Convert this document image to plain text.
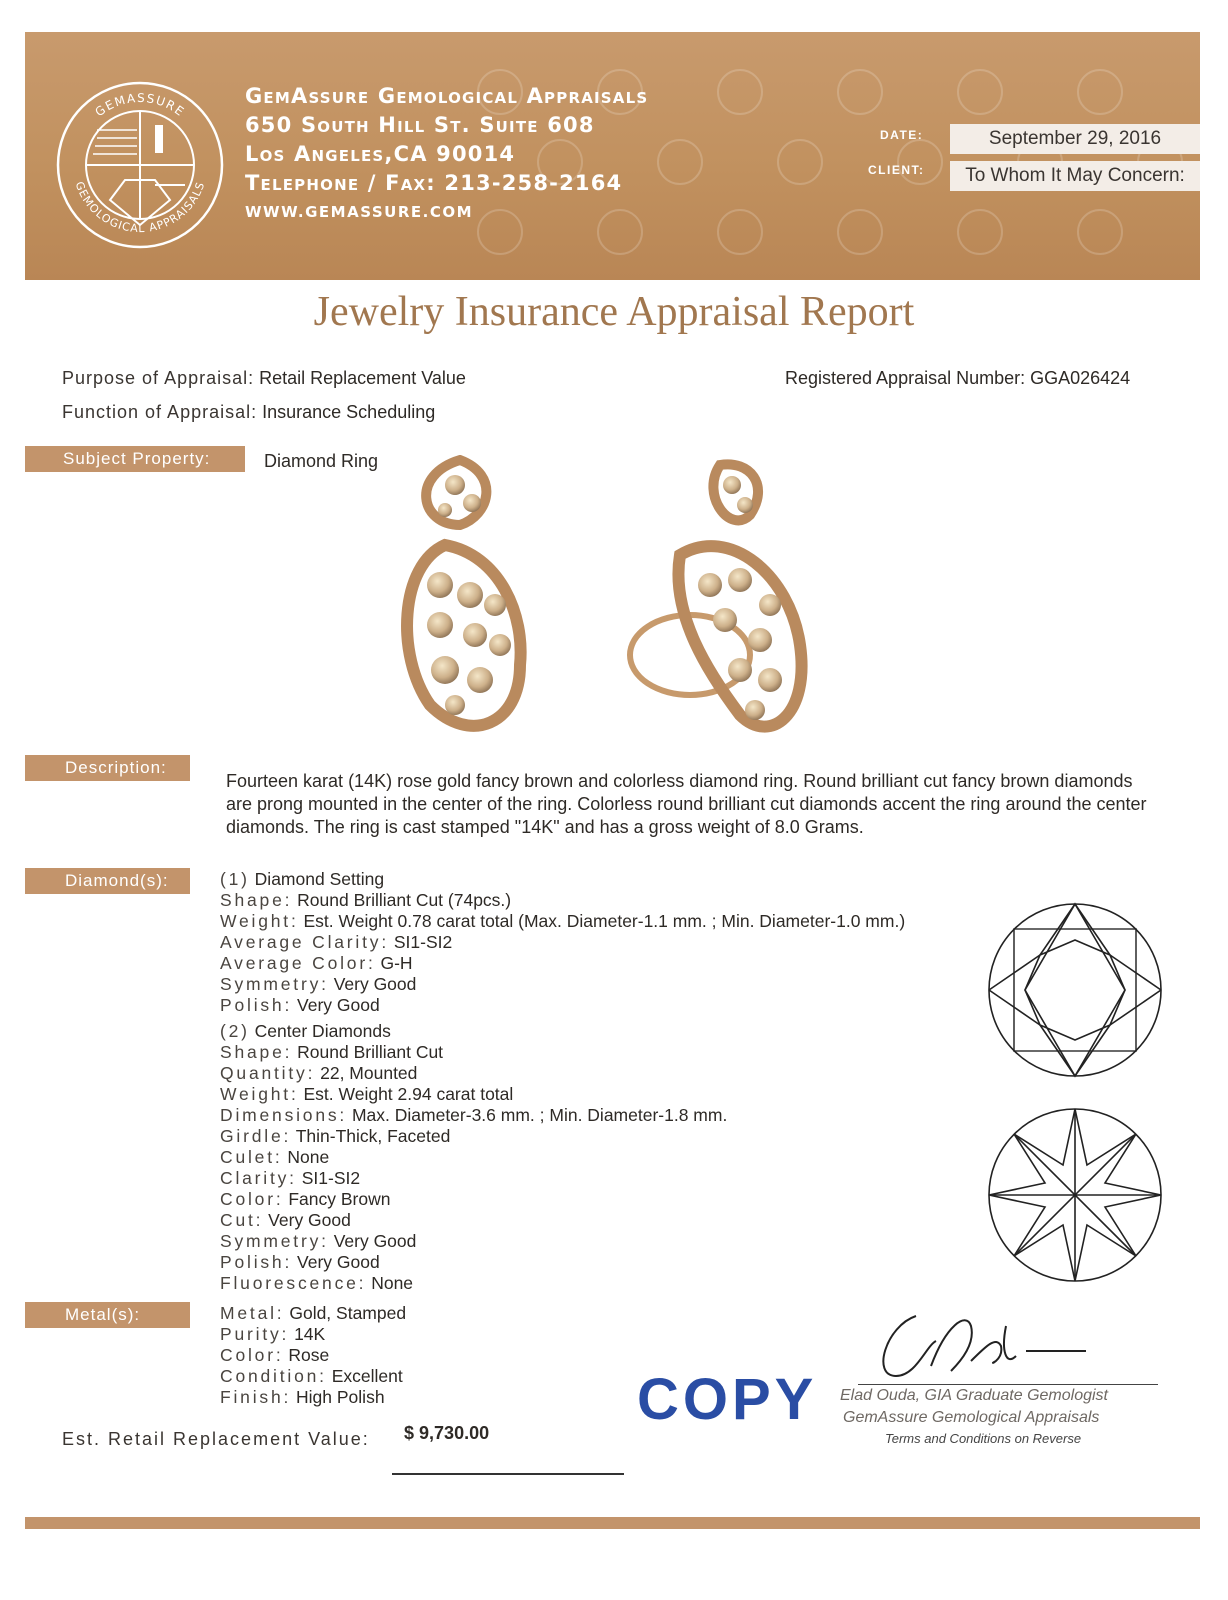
GEMASSURE
GEMOLOGICAL APPRAISALS
GemAssure Gemological Appraisals
650 South Hill St. Suite 608
Los Angeles,CA 90014
Telephone / Fax: 213-258-2164
WWW.GEMASSURE.COM
DATE:	September 29, 2016
CLIENT:	To Whom It May Concern:
Jewelry Insurance Appraisal Report
Purpose of Appraisal: Retail Replacement Value
Function of Appraisal: Insurance Scheduling
Registered Appraisal Number: GGA026424
Subject Property:	Diamond Ring
Description:
Fourteen karat (14K) rose gold fancy brown and colorless diamond ring. Round brilliant cut fancy brown diamonds are prong mounted in the center of the ring. Colorless round brilliant cut diamonds accent the ring around the center diamonds. The ring is cast stamped "14K" and has a gross weight of 8.0 Grams.
Diamond(s):	(1) Diamond Setting
Shape: Round Brilliant Cut (74pcs.)
Weight: Est. Weight 0.78 carat total (Max. Diameter-1.1 mm. ; Min. Diameter-1.0 mm.)
Average Clarity: SI1-SI2
Average Color: G-H
Symmetry: Very Good
Polish: Very Good
(2) Center Diamonds
Shape: Round Brilliant Cut
Quantity: 22, Mounted
Weight: Est. Weight 2.94 carat total
Dimensions: Max. Diameter-3.6 mm. ; Min. Diameter-1.8 mm.
Girdle: Thin-Thick, Faceted
Culet: None
Clarity: SI1-SI2
Color: Fancy Brown
Cut: Very Good
Symmetry: Very Good
Polish: Very Good
Fluorescence: None
Metal(s):	Metal: Gold, Stamped
Purity: 14K
Color: Rose
Condition: Excellent
Finish: High Polish	Elad Ouda, GIA Graduate Gemologist
GemAssure Gemological Appraisals
Terms and Conditions on Reverse
COPY
Est. Retail Replacement Value: $ 9,730.00
